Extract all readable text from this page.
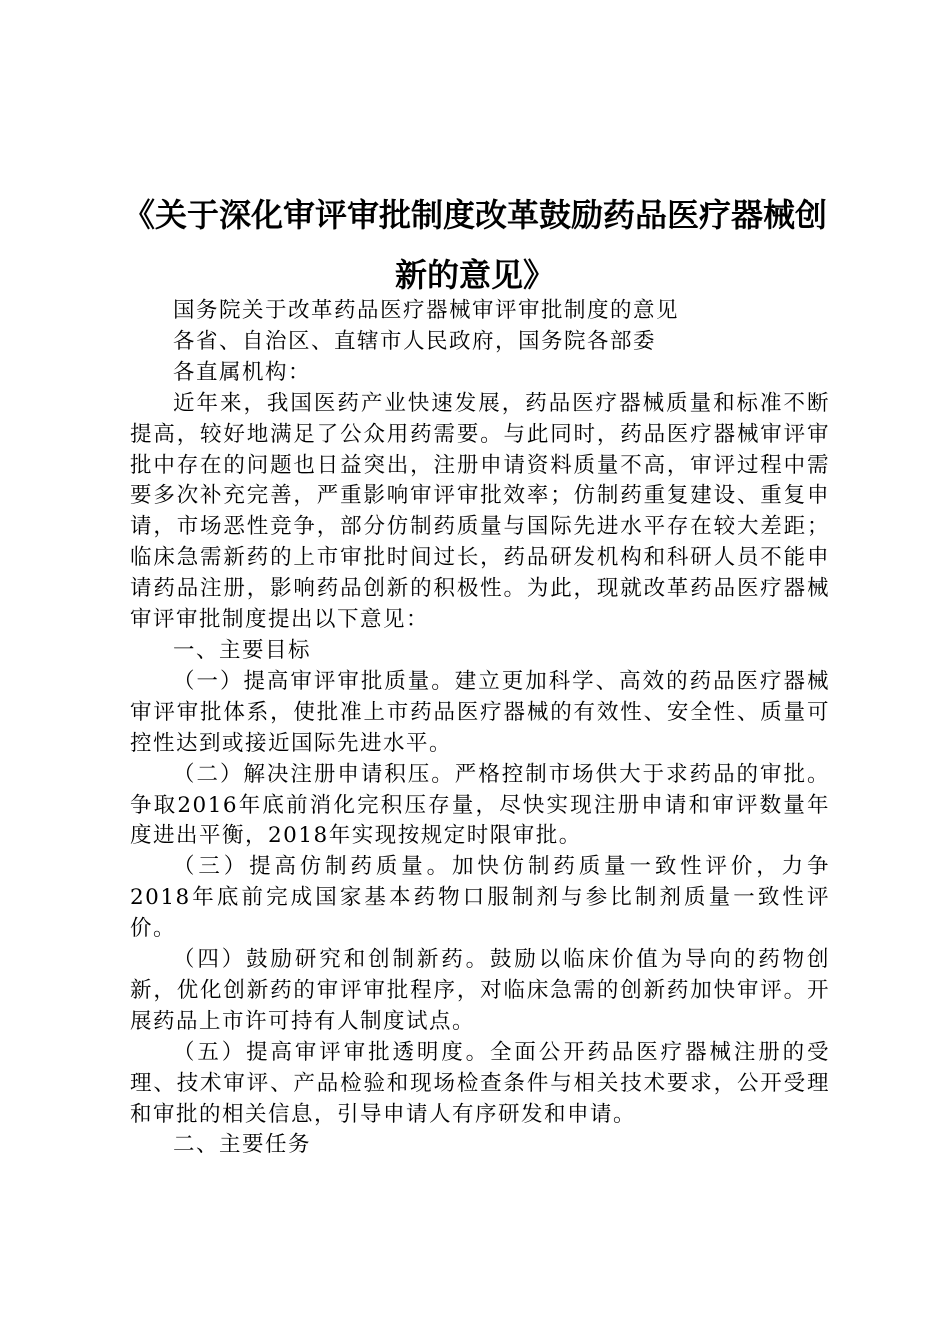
《关于深化审评审批制度改革鼓励药品医疗器械创新的意见》

国务院关于改革药品医疗器械审评审批制度的意见

各省、自治区、直辖市人民政府，国务院各部委

各直属机构：

近年来，我国医药产业快速发展，药品医疗器械质量和标准不断提高，较好地满足了公众用药需要。与此同时，药品医疗器械审评审批中存在的问题也日益突出，注册申请资料质量不高，审评过程中需要多次补充完善，严重影响审评审批效率；仿制药重复建设、重复申请，市场恶性竞争，部分仿制药质量与国际先进水平存在较大差距；临床急需新药的上市审批时间过长，药品研发机构和科研人员不能申请药品注册，影响药品创新的积极性。为此，现就改革药品医疗器械审评审批制度提出以下意见：

一、主要目标

（一）提高审评审批质量。建立更加科学、高效的药品医疗器械审评审批体系，使批准上市药品医疗器械的有效性、安全性、质量可控性达到或接近国际先进水平。

（二）解决注册申请积压。严格控制市场供大于求药品的审批。争取2016年底前消化完积压存量，尽快实现注册申请和审评数量年度进出平衡，2018年实现按规定时限审批。

（三）提高仿制药质量。加快仿制药质量一致性评价，力争2018年底前完成国家基本药物口服制剂与参比制剂质量一致性评价。

（四）鼓励研究和创制新药。鼓励以临床价值为导向的药物创新，优化创新药的审评审批程序，对临床急需的创新药加快审评。开展药品上市许可持有人制度试点。

（五）提高审评审批透明度。全面公开药品医疗器械注册的受理、技术审评、产品检验和现场检查条件与相关技术要求，公开受理和审批的相关信息，引导申请人有序研发和申请。

二、主要任务
